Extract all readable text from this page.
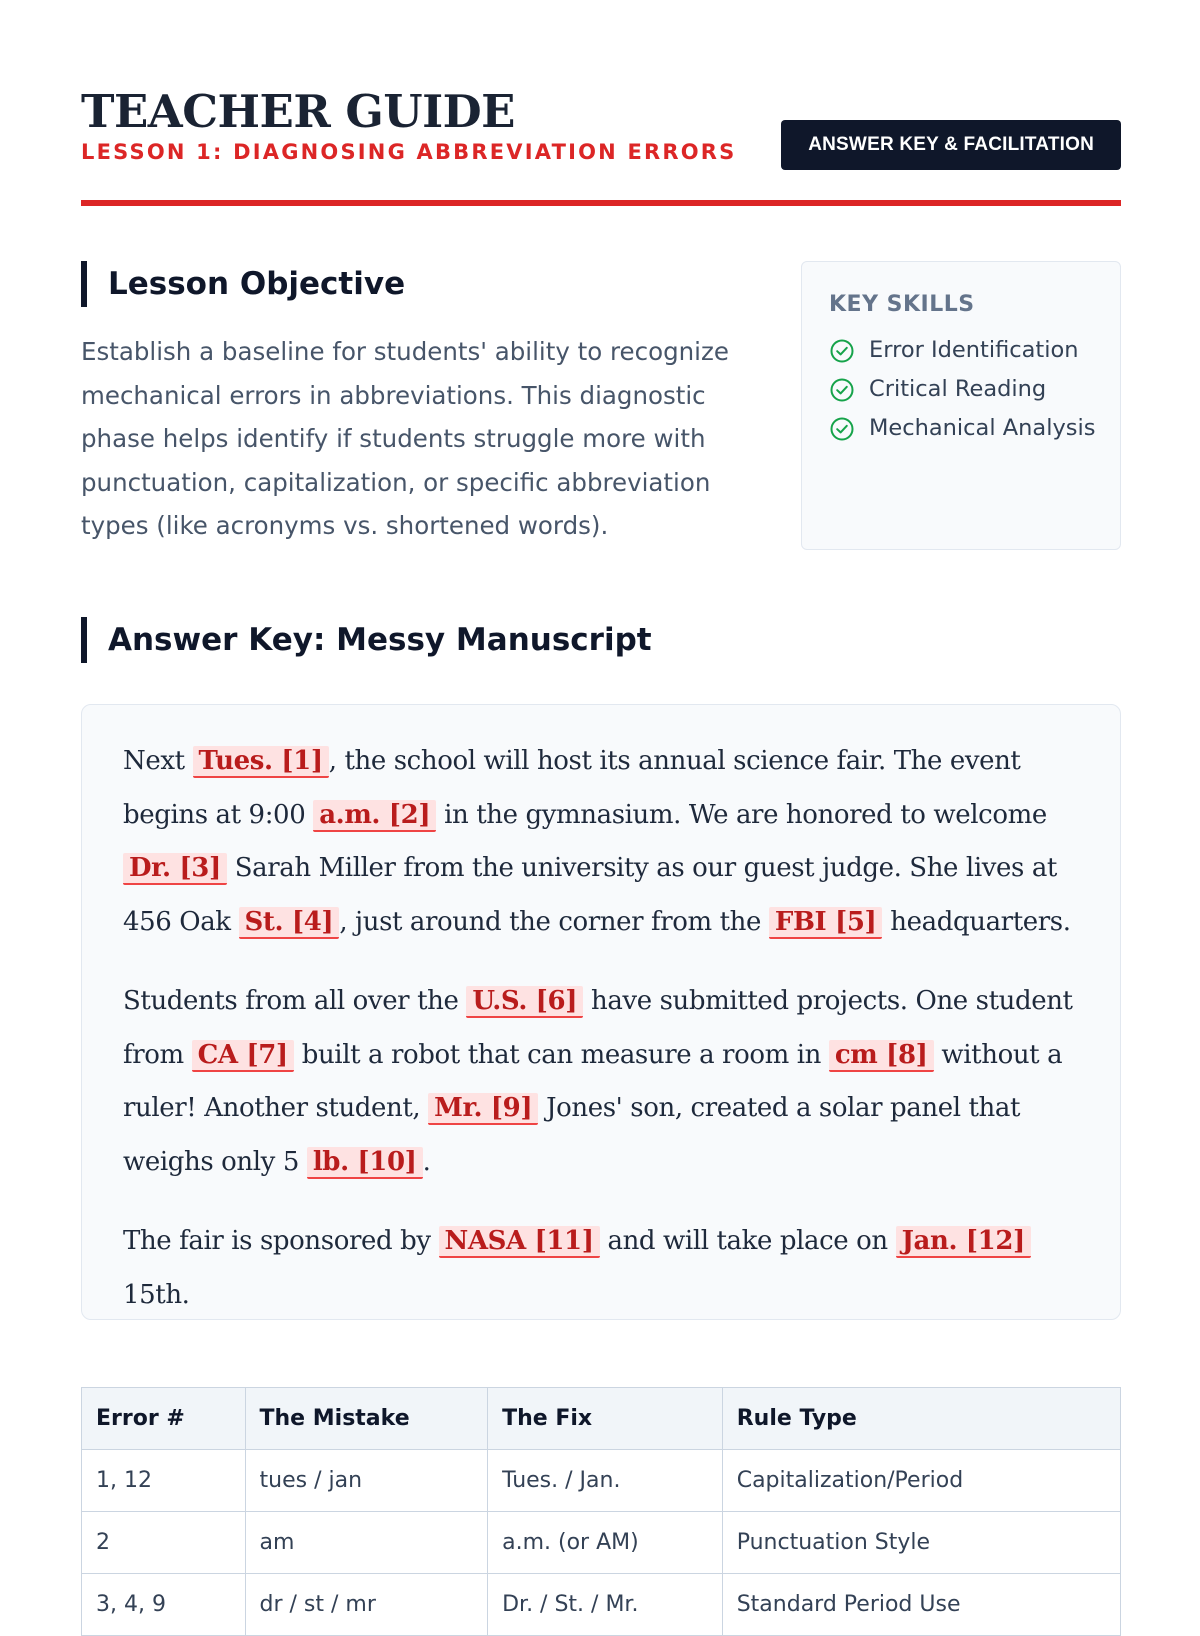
TEACHER GUIDE
LESSON 1: DIAGNOSING ABBREVIATION ERRORS	ANSWER KEY & FACILITATION
Lesson Objective

Establish a baseline for students' ability to recognize mechanical errors in abbreviations. This diagnostic phase helps identify if students struggle more with punctuation, capitalization, or specific abbreviation types (like acronyms vs. shortened words).

KEY SKILLS
Error Identification
Critical Reading
Mechanical Analysis
Answer Key: Messy Manuscript

Next Tues. [1] , the school will host its annual science fair. The event begins at 9:00 a.m. [2] in the gymnasium. We are honored to welcome Dr. [3] Sarah Miller from the university as our guest judge. She lives at 456 Oak St. [4] , just around the corner from the FBI [5] headquarters.

Students from all over the U.S. [6] have submitted projects. One student from CA [7] built a robot that can measure a room in cm [8] without a ruler! Another student, Mr. [9] Jones' son, created a solar panel that weighs only 5 lb. [10] .

The fair is sponsored by NASA [11] and will take place on Jan. [12] 15th.

Error #	The Mistake	The Fix	Rule Type
1, 12	tues / jan	Tues. / Jan.	Capitalization/Period
2	am	a.m. (or AM)	Punctuation Style
3, 4, 9	dr / st / mr	Dr. / St. / Mr.	Standard Period Use
